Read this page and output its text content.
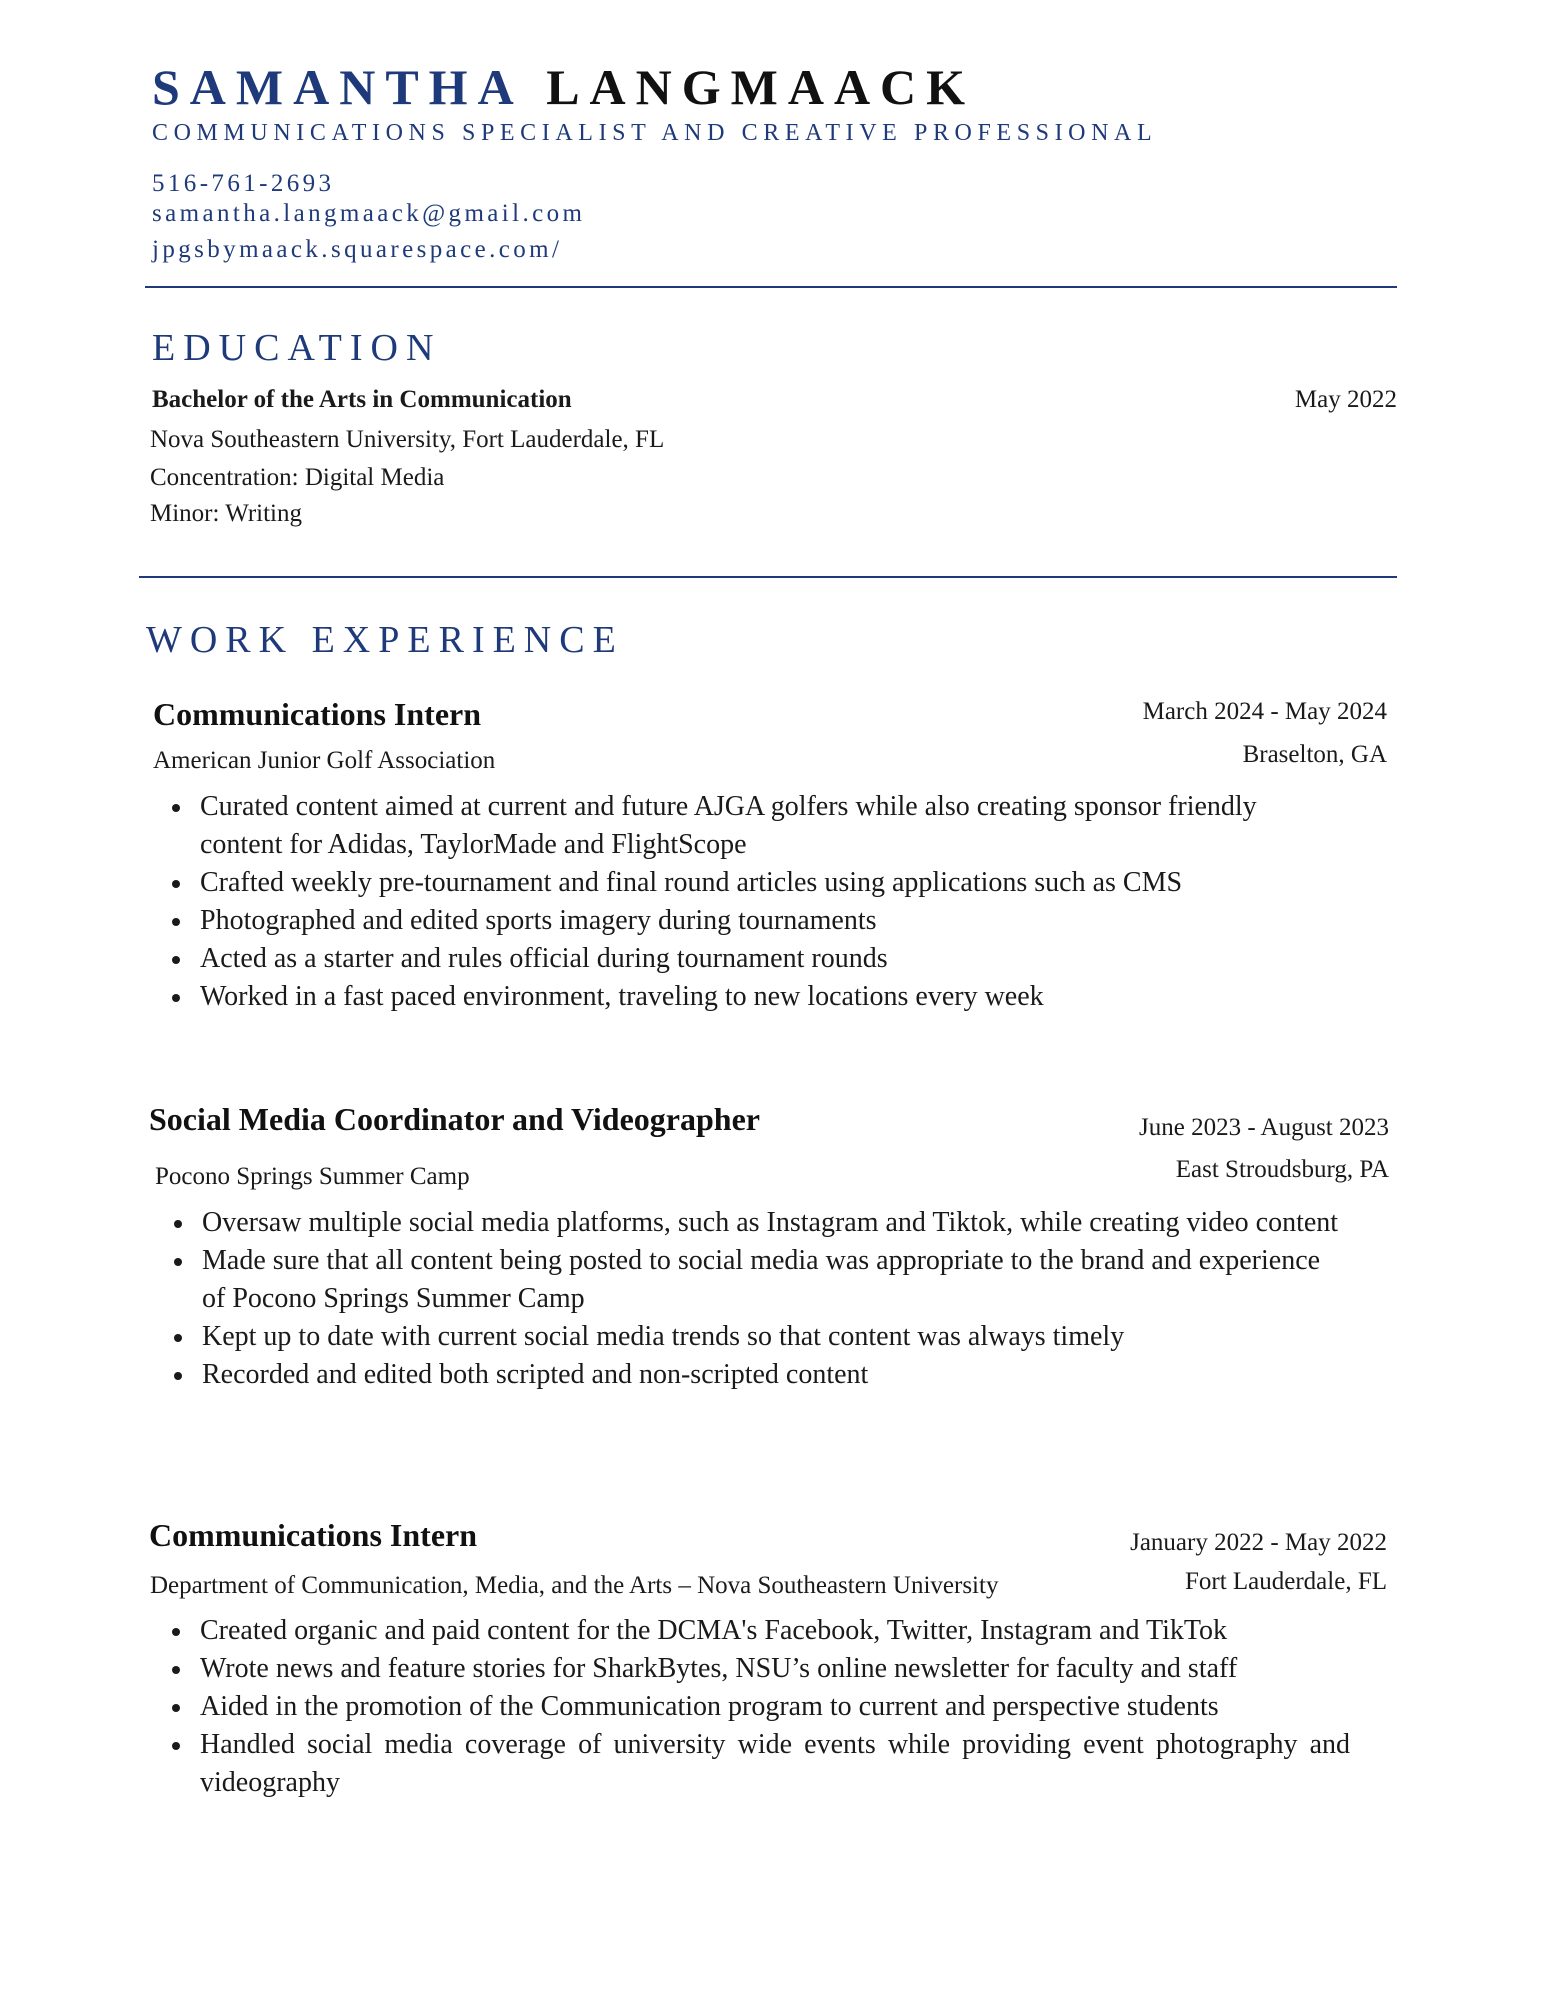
SAMANTHA LANGMAACK
COMMUNICATIONS SPECIALIST AND CREATIVE PROFESSIONAL
516-761-2693
samantha.langmaack@gmail.com
jpgsbymaack.squarespace.com/
EDUCATION
Bachelor of the Arts in Communication	May 2022
Nova Southeastern University, Fort Lauderdale, FL
Concentration: Digital Media
Minor: Writing
WORK EXPERIENCE
Communications Intern	March 2024 - May 2024
American Junior Golf Association	Braselton, GA
Curated content aimed at current and future AJGA golfers while also creating sponsor friendly content for Adidas, TaylorMade and FlightScope
Crafted weekly pre-tournament and final round articles using applications such as CMS
Photographed and edited sports imagery during tournaments
Acted as a starter and rules official during tournament rounds
Worked in a fast paced environment, traveling to new locations every week
Social Media Coordinator and Videographer	June 2023 - August 2023
Pocono Springs Summer Camp	East Stroudsburg, PA
Oversaw multiple social media platforms, such as Instagram and Tiktok, while creating video content
Made sure that all content being posted to social media was appropriate to the brand and experience of Pocono Springs Summer Camp
Kept up to date with current social media trends so that content was always timely
Recorded and edited both scripted and non-scripted content
Communications Intern	January 2022 - May 2022
Department of Communication, Media, and the Arts – Nova Southeastern University	Fort Lauderdale, FL
Created organic and paid content for the DCMA's Facebook, Twitter, Instagram and TikTok
Wrote news and feature stories for SharkBytes, NSU’s online newsletter for faculty and staff
Aided in the promotion of the Communication program to current and perspective students
Handled social media coverage of university wide events while providing event photography and videography
